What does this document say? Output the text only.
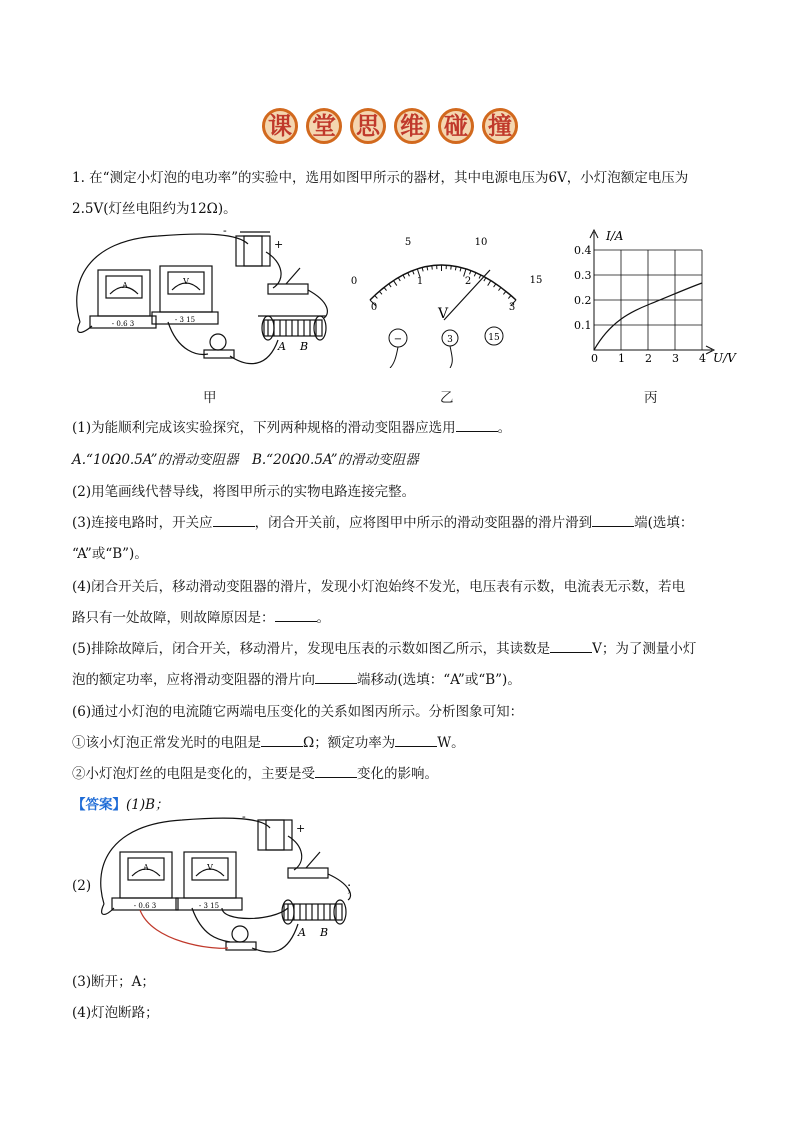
课 堂 思 维 碰 撞
1. 在“测定小灯泡的电功率”的实验中，选用如图甲所示的器材，其中电源电压为6V，小灯泡额定电压为
2.5V(灯丝电阻约为12Ω)。
A	V
- 0.6 3	- 3 15
-
+
A B
5	10
15
0
0
1	2
3
V
−	3	15
I/A
U/V
0.4
0.3
0.2
0.1
0 1 2 3 4
甲	乙	丙
(1)为能顺利完成该实验探究，下列两种规格的滑动变阻器应选用	。
A.“10Ω0.5A”的滑动变阻器　B.“20Ω0.5A”的滑动变阻器
(2)用笔画线代替导线，将图甲所示的实物电路连接完整。
(3)连接电路时，开关应	，闭合开关前，应将图甲中所示的滑动变阻器的滑片滑到	端(选填：
“A”或“B”)。
(4)闭合开关后，移动滑动变阻器的滑片，发现小灯泡始终不发光，电压表有示数，电流表无示数，若电
路只有一处故障，则故障原因是：	。
(5)排除故障后，闭合开关，移动滑片，发现电压表的示数如图乙所示，其读数是	V；为了测量小灯
泡的额定功率，应将滑动变阻器的滑片向	端移动(选填：“A”或“B”)。
(6)通过小灯泡的电流随它两端电压变化的关系如图丙所示。分析图象可知：
①该小灯泡正常发光时的电阻是	Ω；额定功率为	W。
②小灯泡灯丝的电阻是变化的，主要是受	变化的影响。
【答案】(1)B；
(2)
A	V
- 0.6 3	- 3 15
-
+
A B
；
(3)断开；A；
(4)灯泡断路；
